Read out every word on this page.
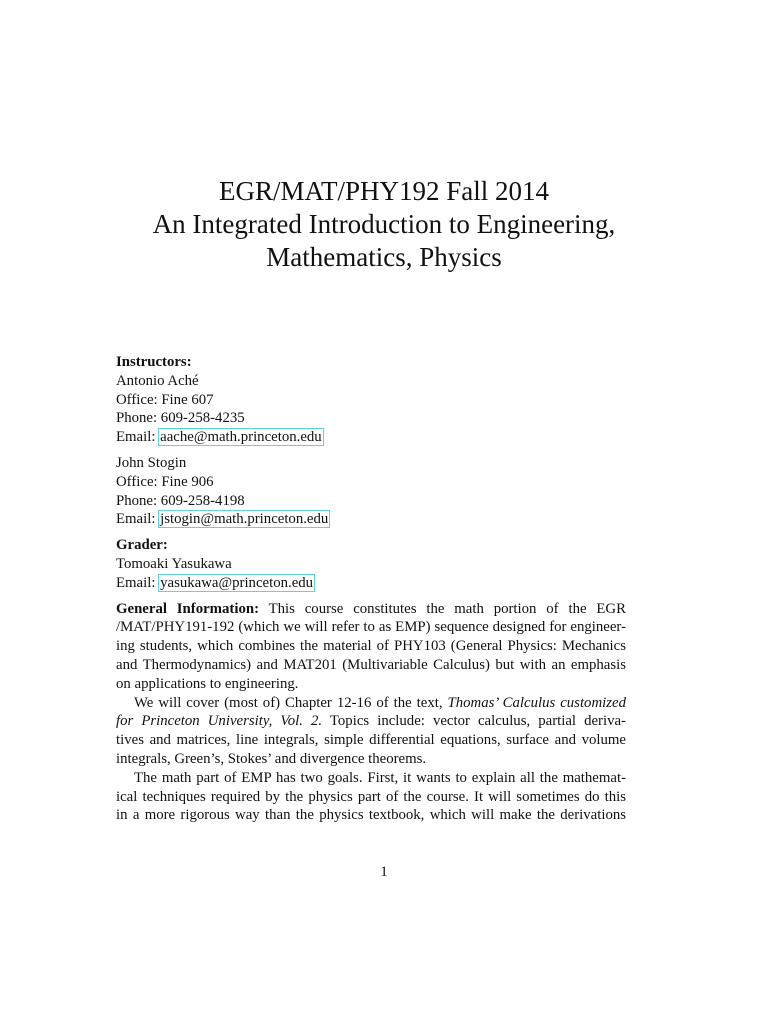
EGR/MAT/PHY192 Fall 2014
An Integrated Introduction to Engineering,
Mathematics, Physics
Instructors:
Antonio Aché
Office: Fine 607
Phone: 609-258-4235
Email: aache@math.princeton.edu
John Stogin
Office: Fine 906
Phone: 609-258-4198
Email: jstogin@math.princeton.edu
Grader:
Tomoaki Yasukawa
Email: yasukawa@princeton.edu
General Information: This course constitutes the math portion of the EGR
/MAT/PHY191-192 (which we will refer to as EMP) sequence designed for engineer-
ing students, which combines the material of PHY103 (General Physics: Mechanics
and Thermodynamics) and MAT201 (Multivariable Calculus) but with an emphasis
on applications to engineering.
We will cover (most of) Chapter 12-16 of the text, Thomas’ Calculus customized
for Princeton University, Vol. 2. Topics include: vector calculus, partial deriva-
tives and matrices, line integrals, simple differential equations, surface and volume
integrals, Green’s, Stokes’ and divergence theorems.
The math part of EMP has two goals. First, it wants to explain all the mathemat-
ical techniques required by the physics part of the course. It will sometimes do this
in a more rigorous way than the physics textbook, which will make the derivations
1
